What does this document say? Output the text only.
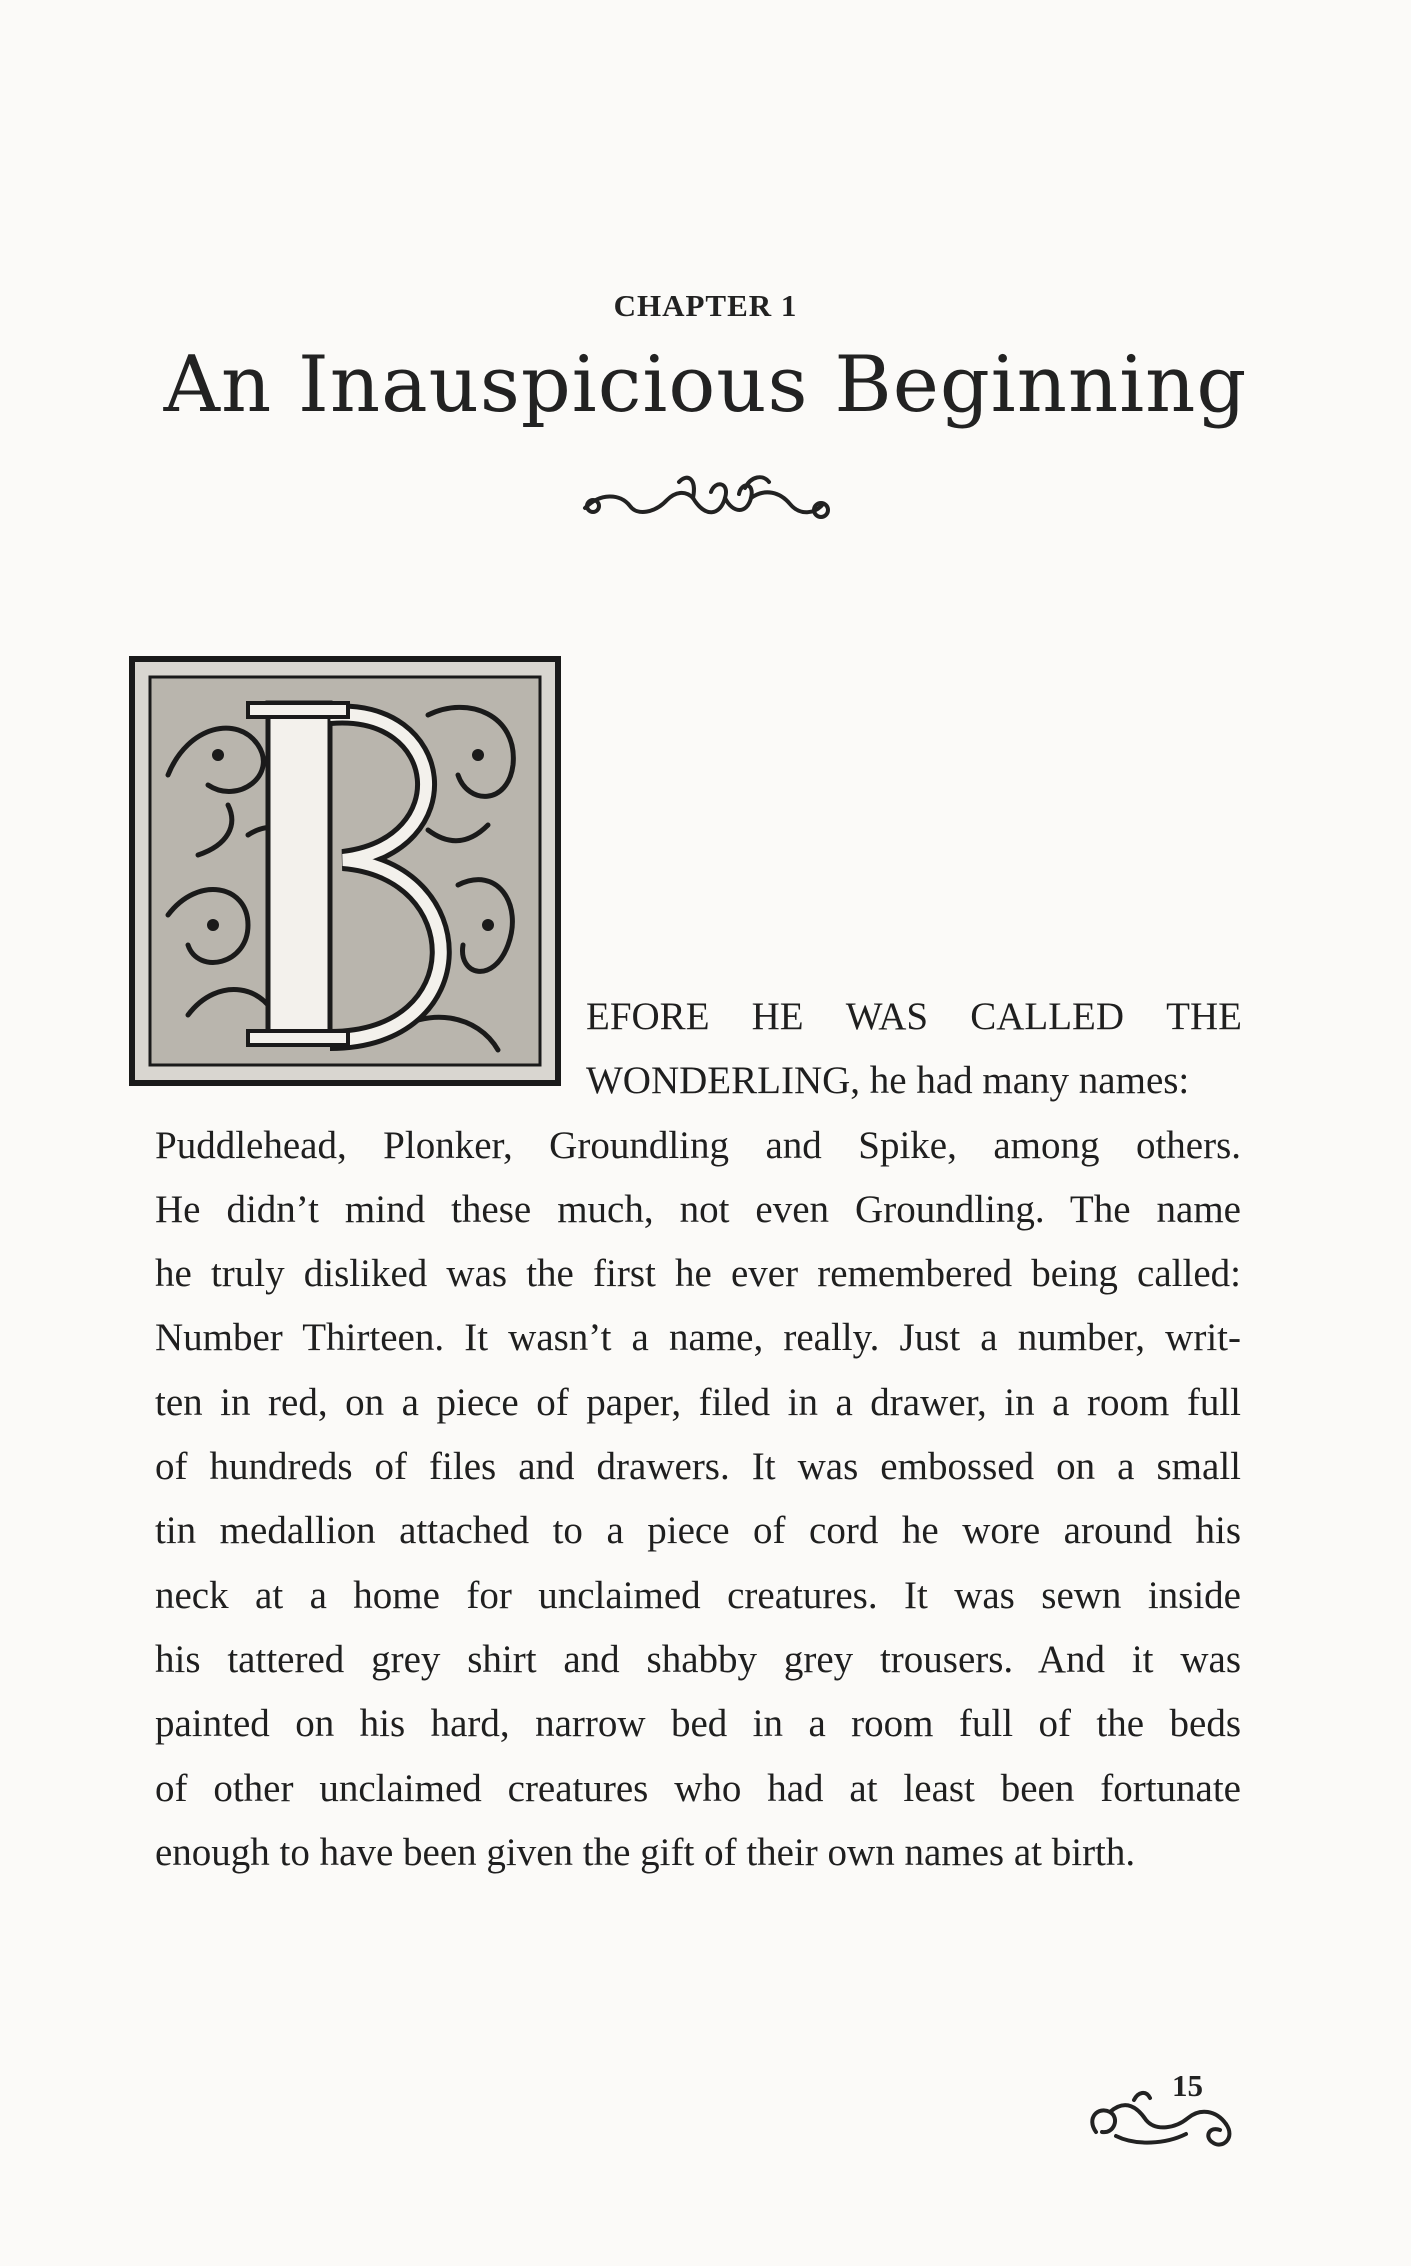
CHAPTER 1
An Inauspicious Beginning
EFORE HE WAS CALLED THE
WONDERLING, he had many names:
Puddlehead, Plonker, Groundling and Spike, among others.
He didn’t mind these much, not even Groundling. The name
he truly disliked was the first he ever remembered being called:
Number Thirteen. It wasn’t a name, really. Just a number, writ-
ten in red, on a piece of paper, filed in a drawer, in a room full
of hundreds of files and drawers. It was embossed on a small
tin medallion attached to a piece of cord he wore around his
neck at a home for unclaimed creatures. It was sewn inside
his tattered grey shirt and shabby grey trousers. And it was
painted on his hard, narrow bed in a room full of the beds
of other unclaimed creatures who had at least been fortunate
enough to have been given the gift of their own names at birth.
15
